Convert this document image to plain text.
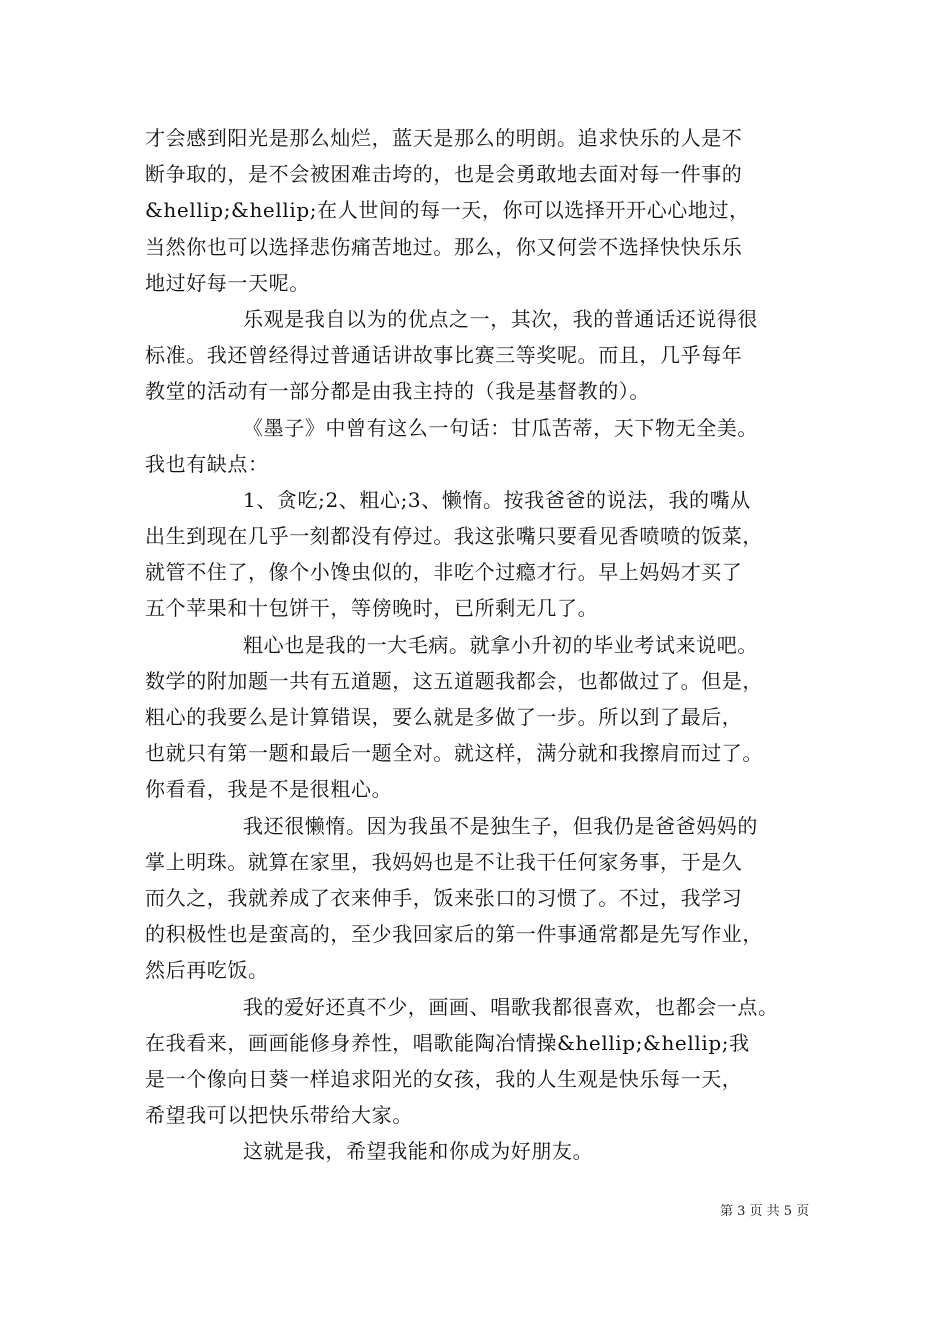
才会感到阳光是那么灿烂，蓝天是那么的明朗。追求快乐的人是不
断争取的，是不会被困难击垮的，也是会勇敢地去面对每一件事的
&hellip;&hellip;在人世间的每一天，你可以选择开开心心地过，
当然你也可以选择悲伤痛苦地过。那么，你又何尝不选择快快乐乐
地过好每一天呢。
乐观是我自以为的优点之一，其次，我的普通话还说得很
标准。我还曾经得过普通话讲故事比赛三等奖呢。而且，几乎每年
教堂的活动有一部分都是由我主持的（我是基督教的）。
《墨子》中曾有这么一句话：甘瓜苦蒂，天下物无全美。
我也有缺点：
1、贪吃;2、粗心;3、懒惰。按我爸爸的说法，我的嘴从
出生到现在几乎一刻都没有停过。我这张嘴只要看见香喷喷的饭菜，
就管不住了，像个小馋虫似的，非吃个过瘾才行。早上妈妈才买了
五个苹果和十包饼干，等傍晚时，已所剩无几了。
粗心也是我的一大毛病。就拿小升初的毕业考试来说吧。
数学的附加题一共有五道题，这五道题我都会，也都做过了。但是，
粗心的我要么是计算错误，要么就是多做了一步。所以到了最后，
也就只有第一题和最后一题全对。就这样，满分就和我擦肩而过了。
你看看，我是不是很粗心。
我还很懒惰。因为我虽不是独生子，但我仍是爸爸妈妈的
掌上明珠。就算在家里，我妈妈也是不让我干任何家务事，于是久
而久之，我就养成了衣来伸手，饭来张口的习惯了。不过，我学习
的积极性也是蛮高的，至少我回家后的第一件事通常都是先写作业，
然后再吃饭。
我的爱好还真不少，画画、唱歌我都很喜欢，也都会一点。
在我看来，画画能修身养性，唱歌能陶冶情操&hellip;&hellip;我
是一个像向日葵一样追求阳光的女孩，我的人生观是快乐每一天，
希望我可以把快乐带给大家。
这就是我，希望我能和你成为好朋友。
第 3 页 共 5 页
